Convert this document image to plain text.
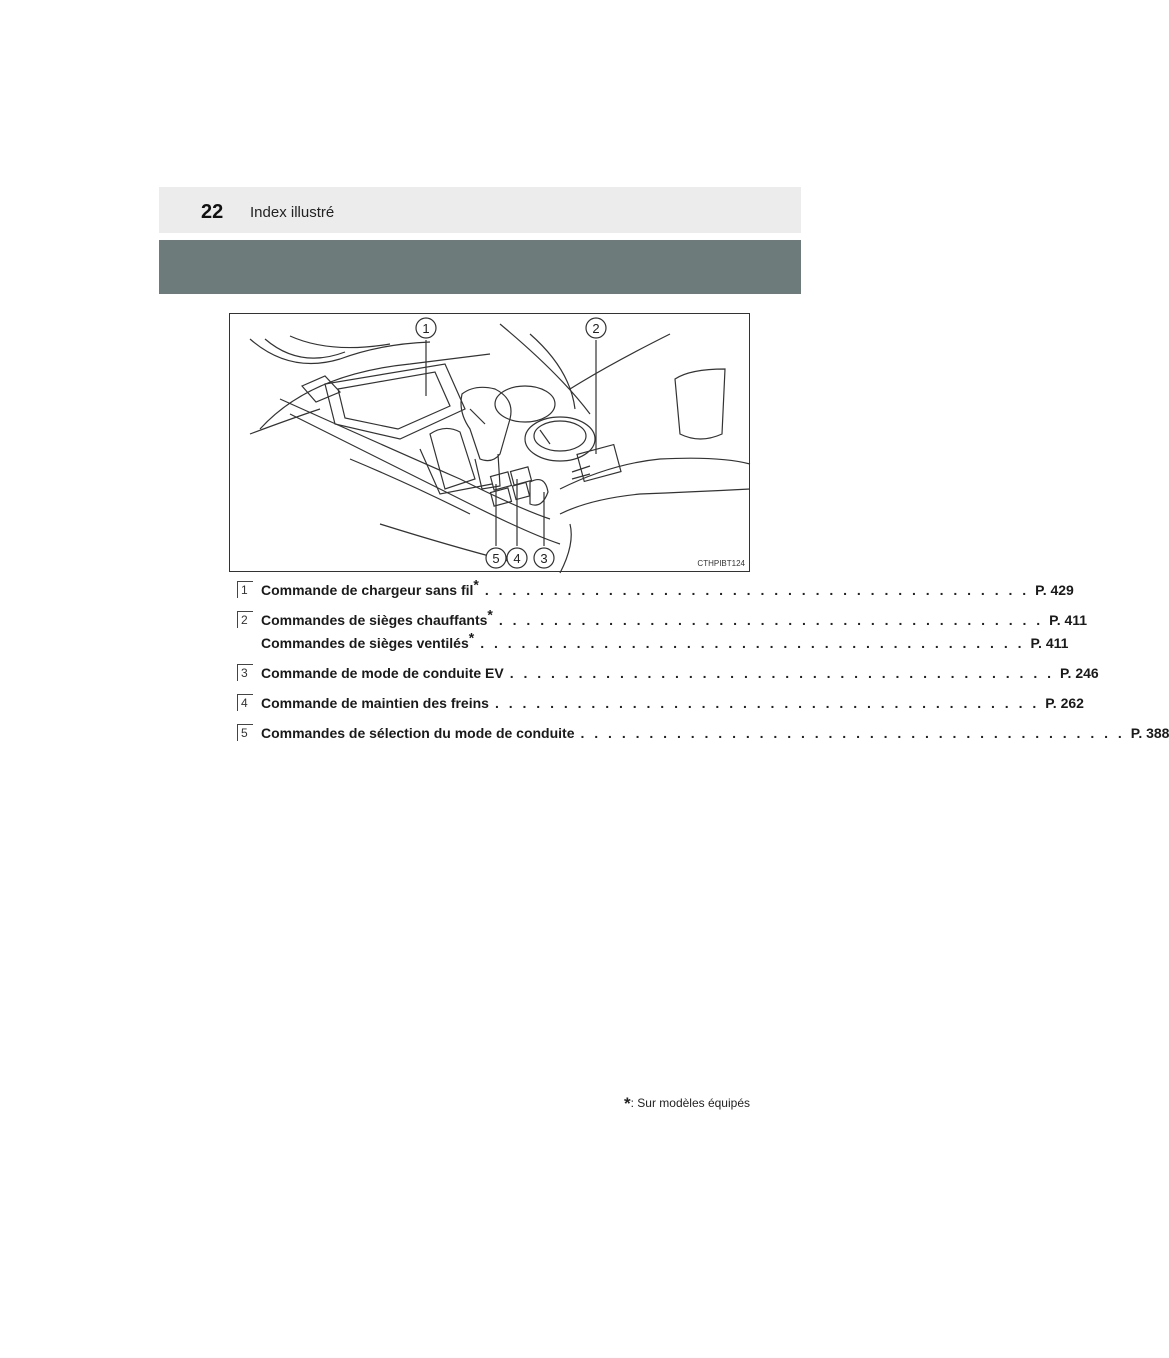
22 Index illustré
1	2
3
4
5	CTHPIBT124
1 Commande de chargeur sans fil* . . . . . . . . . . . . . . . . . . . . . . . . . . . . . . . . . . . . . . . . P. 429
2 Commandes de sièges chauffants* . . . . . . . . . . . . . . . . . . . . . . . . . . . . . . . . . . . . . . . . P. 411
Commandes de sièges ventilés* . . . . . . . . . . . . . . . . . . . . . . . . . . . . . . . . . . . . . . . . P. 411
3 Commande de mode de conduite EV . . . . . . . . . . . . . . . . . . . . . . . . . . . . . . . . . . . . . . . . P. 246
4 Commande de maintien des freins . . . . . . . . . . . . . . . . . . . . . . . . . . . . . . . . . . . . . . . . P. 262
5 Commandes de sélection du mode de conduite . . . . . . . . . . . . . . . . . . . . . . . . . . . . . . . . . . . . . . . . P. 388
*: Sur modèles équipés
